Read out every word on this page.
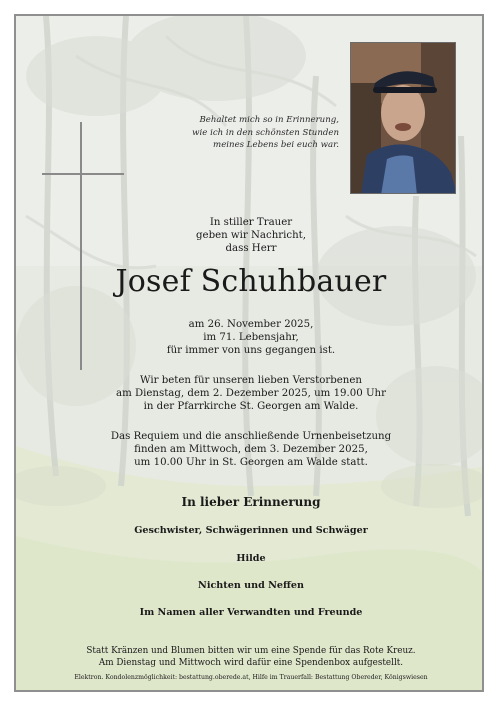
Behaltet mich so in Erinnerung,
wie ich in den schönsten Stunden
meines Lebens bei euch war.
In stiller Trauer
geben wir Nachricht,
dass Herr
Josef Schuhbauer
am 26. November 2025,
im 71. Lebensjahr,
für immer von uns gegangen ist.
Wir beten für unseren lieben Verstorbenen
am Dienstag, dem 2. Dezember 2025, um 19.00 Uhr
in der Pfarrkirche St. Georgen am Walde.
Das Requiem und die anschließende Urnenbeisetzung
finden am Mittwoch, dem 3. Dezember 2025,
um 10.00 Uhr in St. Georgen am Walde statt.
In lieber Erinnerung
Geschwister, Schwägerinnen und Schwäger
Hilde
Nichten und Neffen
Im Namen aller Verwandten und Freunde
Statt Kränzen und Blumen bitten wir um eine Spende für das Rote Kreuz.
Am Dienstag und Mittwoch wird dafür eine Spendenbox aufgestellt.
Elektron. Kondolenzmöglichkeit: bestattung.oberede.at, Hilfe im Trauerfall: Bestattung Obereder, Königswiesen
